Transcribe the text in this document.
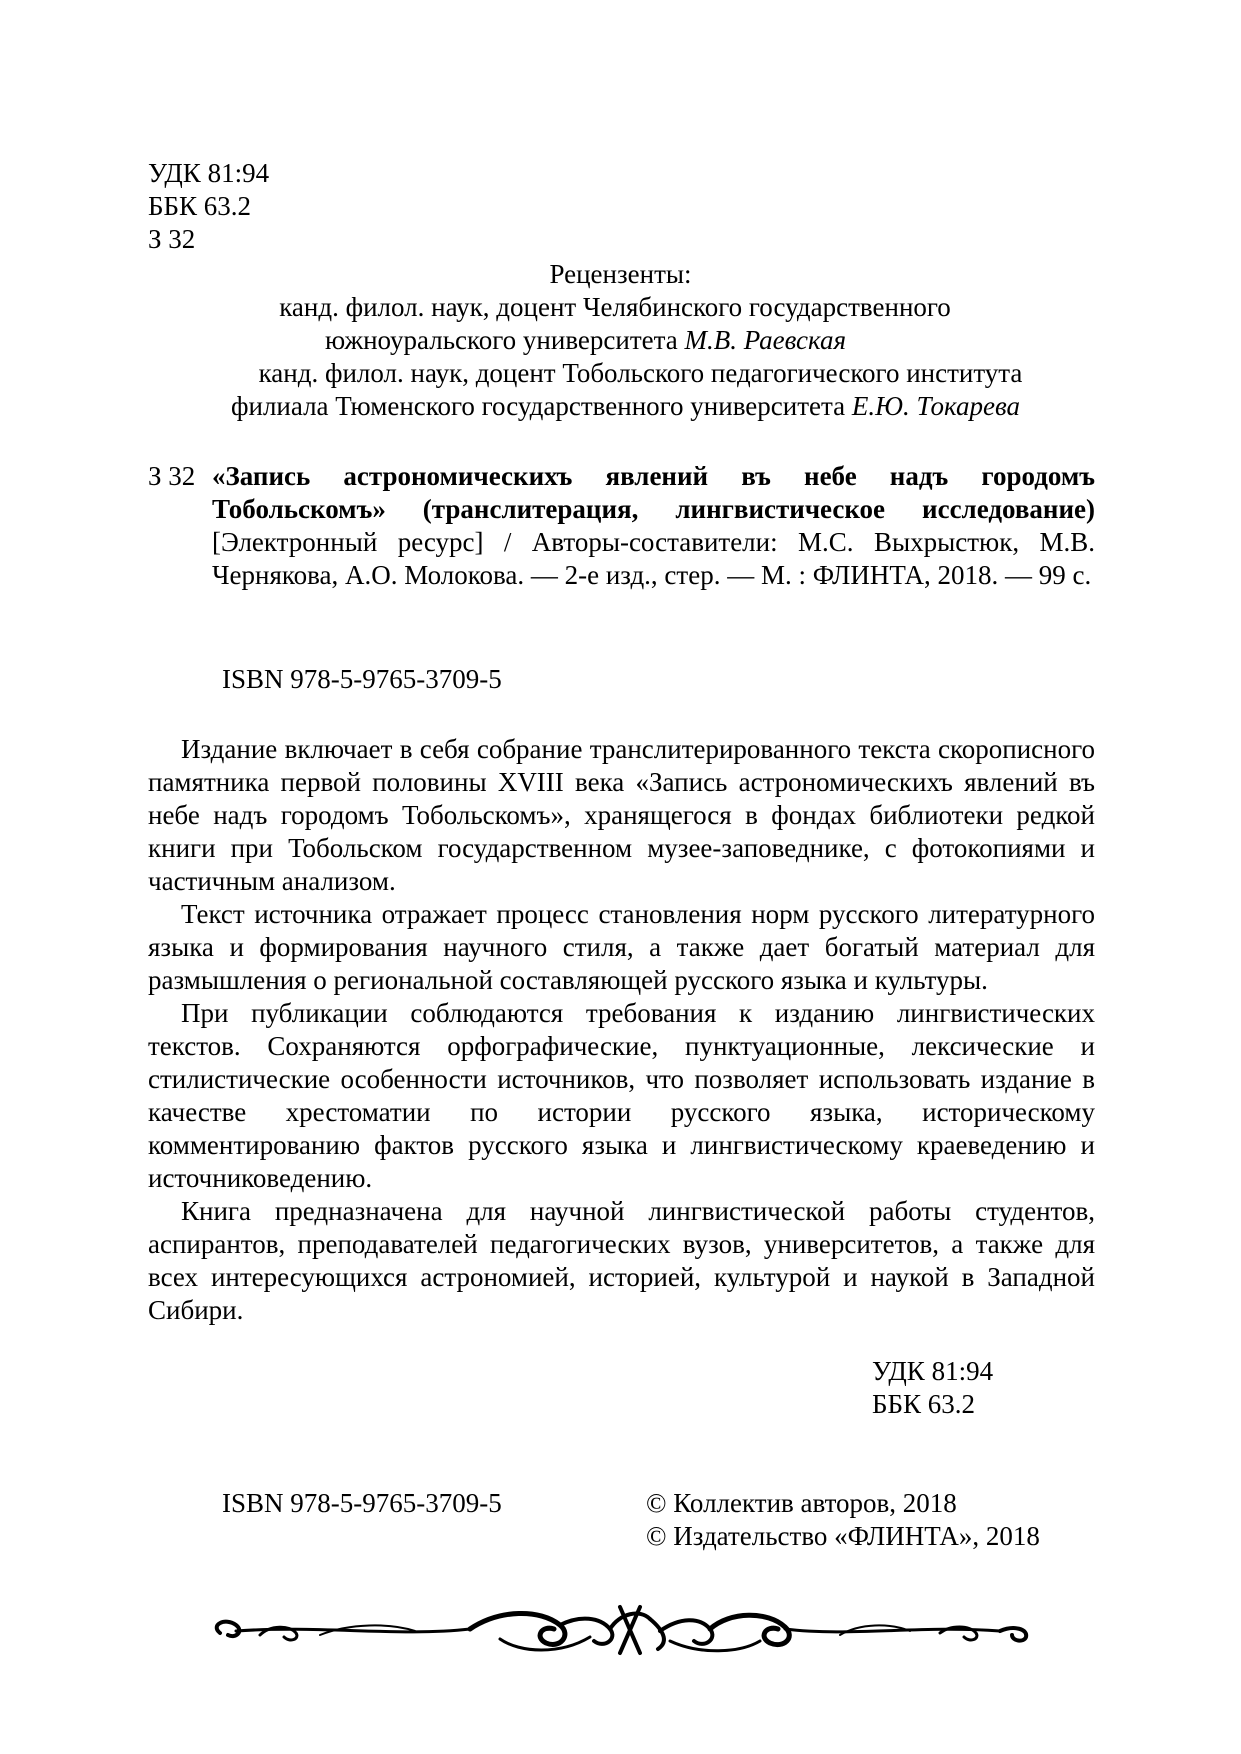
УДК 81:94
ББК 63.2
З 32
Рецензенты:
канд. филол. наук, доцент Челябинского государственного
южноуральского университета М.В. Раевская
канд. филол. наук, доцент Тобольского педагогического института
филиала Тюменского государственного университета Е.Ю. Токарева
З 32 «Запись астрономическихъ явлений въ небе надъ городомъ Тобольскомъ» (транслитерация, лингвистическое исследование) [Электронный ресурс] / Авторы-составители: М.С. Выхрыстюк, М.В. Чернякова, А.О. Молокова. — 2-е изд., стер. — М. : ФЛИНТА, 2018. — 99 с.
ISBN 978-5-9765-3709-5

Издание включает в себя собрание транслитерированного текста скорописного памятника первой половины XVIII века «Запись астрономическихъ явлений въ небе надъ городомъ Тобольскомъ», хранящегося в фондах библиотеки редкой книги при Тобольском государственном музее-заповеднике, с фотокопиями и частичным анализом.

Текст источника отражает процесс становления норм русского литературного языка и формирования научного стиля, а также дает богатый материал для размышления о региональной составляющей русского языка и культуры.

При публикации соблюдаются требования к изданию лингвистических текстов. Сохраняются орфографические, пунктуационные, лексические и стилистические особенности источников, что позволяет использовать издание в качестве хрестоматии по истории русского языка, историческому комментированию фактов русского языка и лингвистическому краеведению и источниковедению.

Книга предназначена для научной лингвистической работы студентов, аспирантов, преподавателей педагогических вузов, университетов, а также для всех интересующихся астрономией, историей, культурой и наукой в Западной Сибири.

УДК 81:94
ББК 63.2
ISBN 978-5-9765-3709-5	© Коллектив авторов, 2018
© Издательство «ФЛИНТА», 2018
